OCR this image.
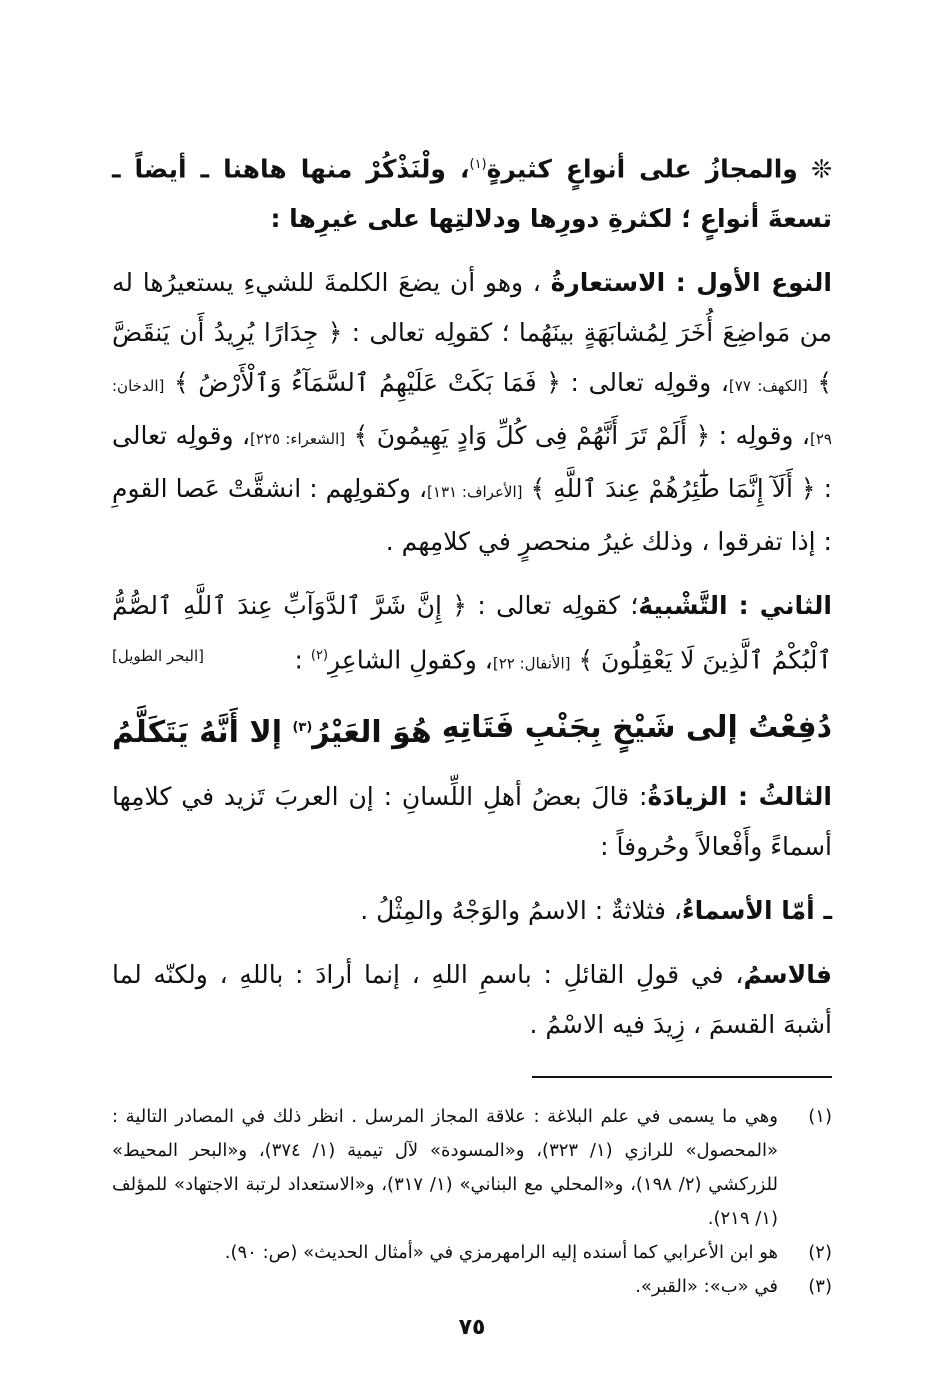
❊ والمجازُ على أنواعٍ كثيرةٍ$^{(١)}$، ولْنَذْكُرْ منها هاهنا ـ أيضاً ـ تسعةَ أنواعٍ ؛ لكثرةِ دورِها ودلالتِها على غيرِها :

النوع الأول : الاستعارةُ ، وهو أن يضعَ الكلمةَ للشيءِ يستعيرُها له من مَواضِعَ أُخَرَ لِمُشابَهَةٍ بينَهُما ؛ كقولِه تعالى : ﴿ جِدَارًا يُرِيدُ أَن يَنقَضَّ ﴾ [الكهف: ٧٧]، وقولِه تعالى : ﴿ فَمَا بَكَتْ عَلَيْهِمُ ٱلسَّمَآءُ وَٱلْأَرْضُ ﴾ [الدخان: ٢٩]، وقولِه : ﴿ أَلَمْ تَرَ أَنَّهُمْ فِى كُلِّ وَادٍ يَهِيمُونَ ﴾ [الشعراء: ٢٢٥]، وقولِه تعالى : ﴿ أَلَآ إِنَّمَا طَٰٓئِرُهُمْ عِندَ ٱللَّهِ ﴾ [الأعراف: ١٣١]، وكقولِهم : انشقَّتْ عَصا القومِ : إذا تفرقوا ، وذلك غيرُ منحصرٍ في كلامِهم .

الثاني : التَّشْبيهُ؛ كقولِه تعالى : ﴿ إِنَّ شَرَّ ٱلدَّوَآبِّ عِندَ ٱللَّهِ ٱلصُّمُّ ٱلْبُكْمُ ٱلَّذِينَ لَا يَعْقِلُونَ ﴾ [الأنفال: ٢٢]، وكقولِ الشاعِرِ$^{(٢)}$ :
[البحر الطويل]

دُفِعْتُ إلى شَيْخٍ بِجَنْبِ فَتَاتِهِ
هُوَ العَيْرُ$^{(٣)}$ إلا أَنَّهُ يَتَكَلَّمُ

الثالثُ : الزيادَةُ: قالَ بعضُ أهلِ اللِّسانِ : إن العربَ تَزيد في كلامِها أسماءً وأَفْعالاً وحُروفاً :

ـ أمّا الأسماءُ، فثلاثةٌ : الاسمُ والوَجْهُ والمِثْلُ .

فالاسمُ، في قولِ القائلِ : باسمِ اللهِ ، إنما أرادَ : باللهِ ، ولكنّه لما أشبهَ القسمَ ، زِيدَ فيه الاسْمُ .

(١)
وهي ما يسمى في علم البلاغة : علاقة المجاز المرسل . انظر ذلك في المصادر التالية : «المحصول» للرازي (١/ ٣٢٣)، و«المسودة» لآل تيمية (١/ ٣٧٤)، و«البحر المحيط» للزركشي (٢/ ١٩٨)، و«المحلي مع البناني» (١/ ٣١٧)، و«الاستعداد لرتبة الاجتهاد» للمؤلف (١/ ٢١٩).
(٢)
هو ابن الأعرابي كما أسنده إليه الرامهرمزي في «أمثال الحديث» (ص: ٩٠).
(٣)
في «ب»: «القبر».
٧٥
